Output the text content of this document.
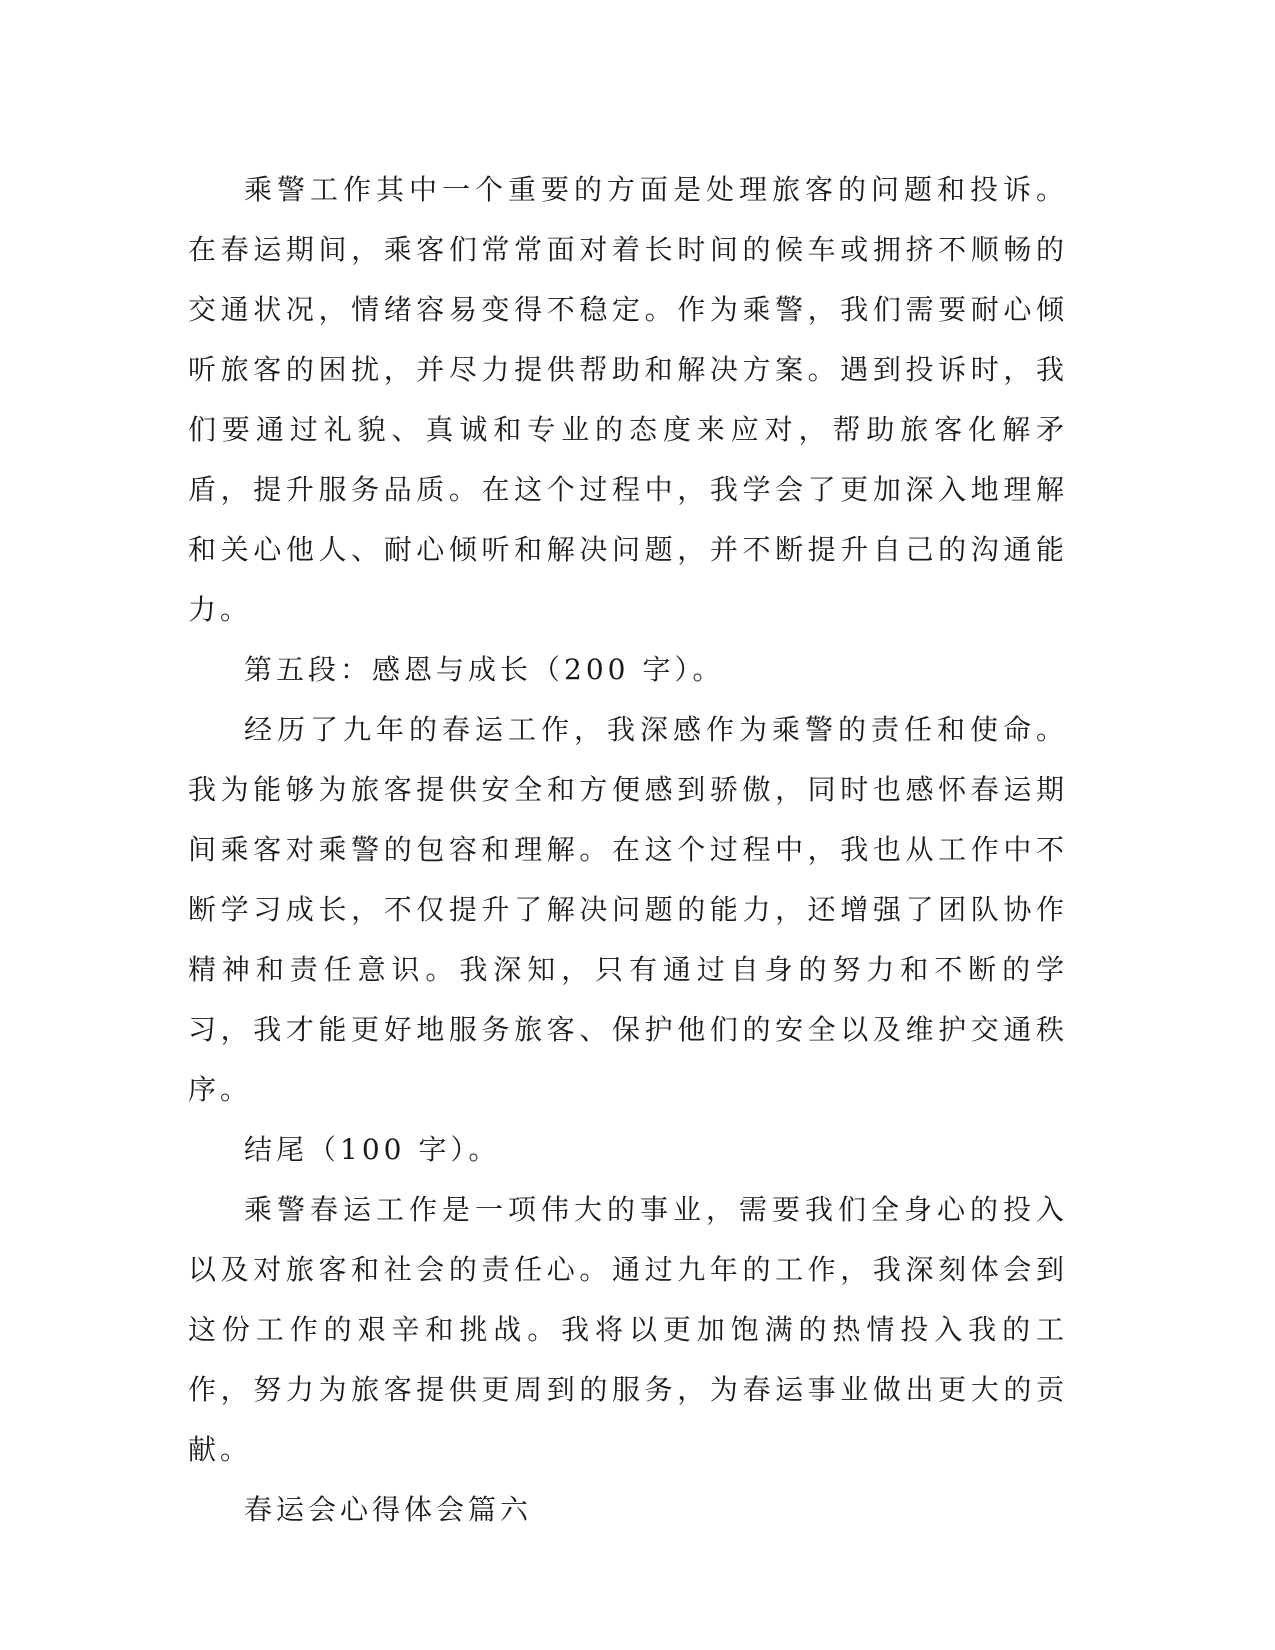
乘警工作其中一个重要的方面是处理旅客的问题和投诉。在春运期间，乘客们常常面对着长时间的候车或拥挤不顺畅的交通状况，情绪容易变得不稳定。作为乘警，我们需要耐心倾听旅客的困扰，并尽力提供帮助和解决方案。遇到投诉时，我们要通过礼貌、真诚和专业的态度来应对，帮助旅客化解矛盾，提升服务品质。在这个过程中，我学会了更加深入地理解和关心他人、耐心倾听和解决问题，并不断提升自己的沟通能力。

第五段：感恩与成长（200 字）。

经历了九年的春运工作，我深感作为乘警的责任和使命。我为能够为旅客提供安全和方便感到骄傲，同时也感怀春运期间乘客对乘警的包容和理解。在这个过程中，我也从工作中不断学习成长，不仅提升了解决问题的能力，还增强了团队协作精神和责任意识。我深知，只有通过自身的努力和不断的学习，我才能更好地服务旅客、保护他们的安全以及维护交通秩序。

结尾（100 字）。

乘警春运工作是一项伟大的事业，需要我们全身心的投入以及对旅客和社会的责任心。通过九年的工作，我深刻体会到这份工作的艰辛和挑战。我将以更加饱满的热情投入我的工作，努力为旅客提供更周到的服务，为春运事业做出更大的贡献。

春运会心得体会篇六
